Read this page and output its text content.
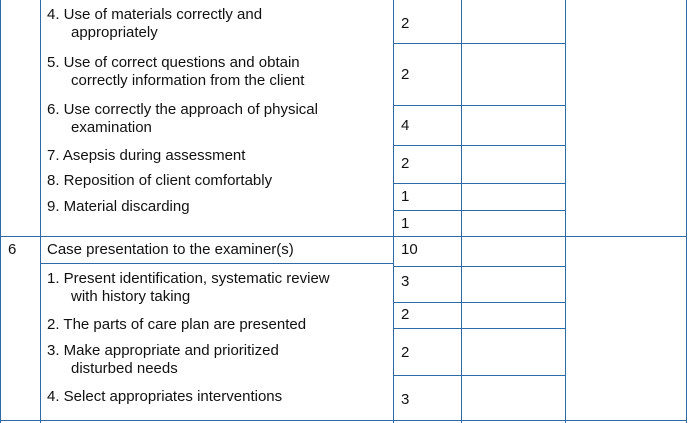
4. Use of materials correctly and
appropriately
5. Use of correct questions and obtain
correctly information from the client
6. Use correctly the approach of physical
examination
7. Asepsis during assessment
8. Reposition of client comfortably
9. Material discarding
2
2
4
2
1
1
6 Case presentation to the examiner(s)	10
1. Present identification, systematic review
with history taking
2. The parts of care plan are presented
3. Make appropriate and prioritized
disturbed needs
4. Select appropriates interventions
3
2
2
3
